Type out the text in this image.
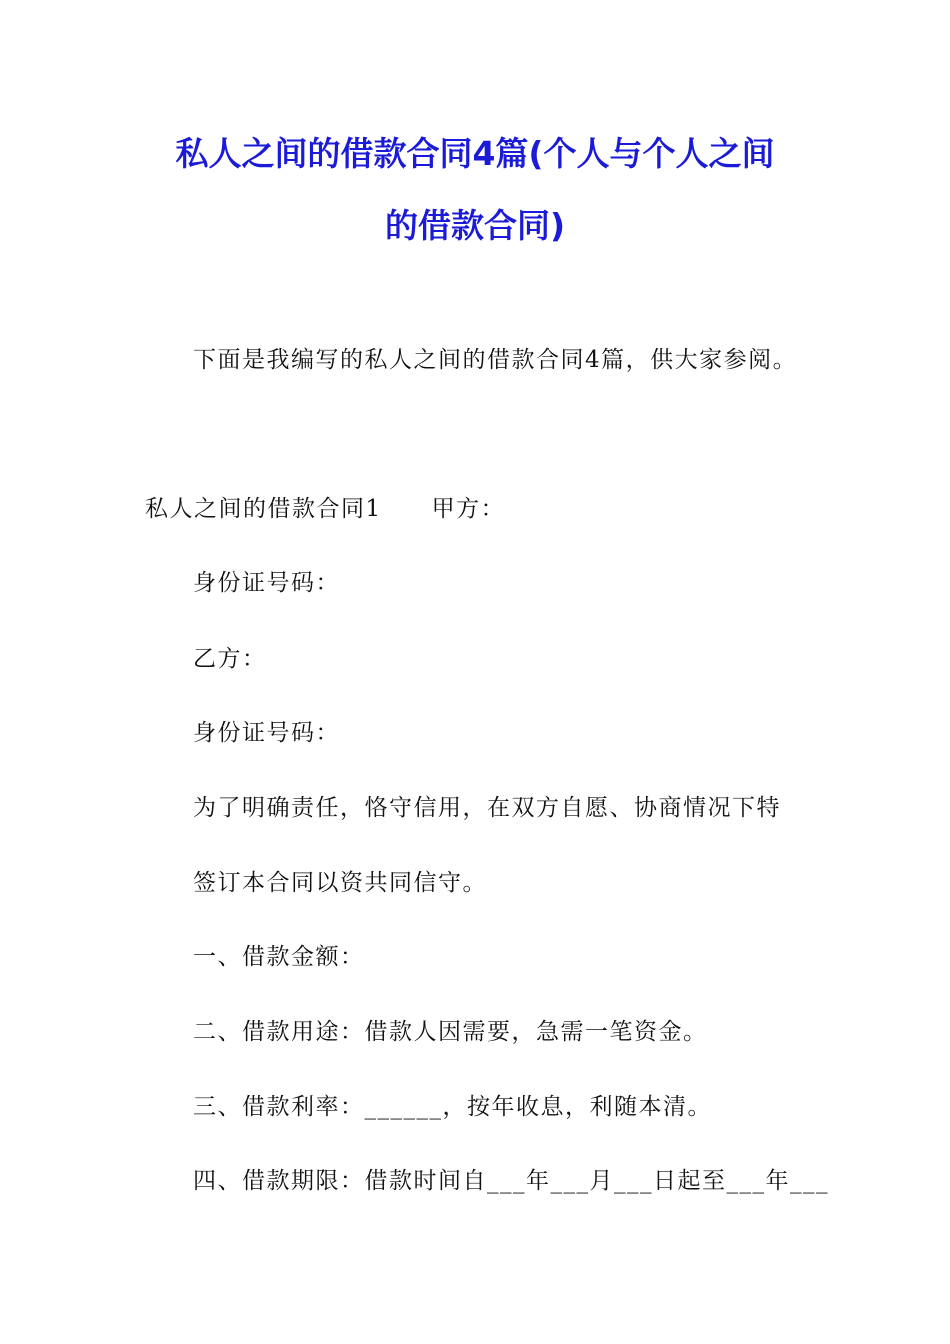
私人之间的借款合同4篇(个人与个人之间
的借款合同)
下面是我编写的私人之间的借款合同4篇，供大家参阅。
私人之间的借款合同1 甲方：
身份证号码：
乙方：
身份证号码：
为了明确责任，恪守信用，在双方自愿、协商情况下特
签订本合同以资共同信守。
一、借款金额：
二、借款用途：借款人因需要，急需一笔资金。
三、借款利率：______，按年收息，利随本清。
四、借款期限：借款时间自___年___月___日起至___年___
